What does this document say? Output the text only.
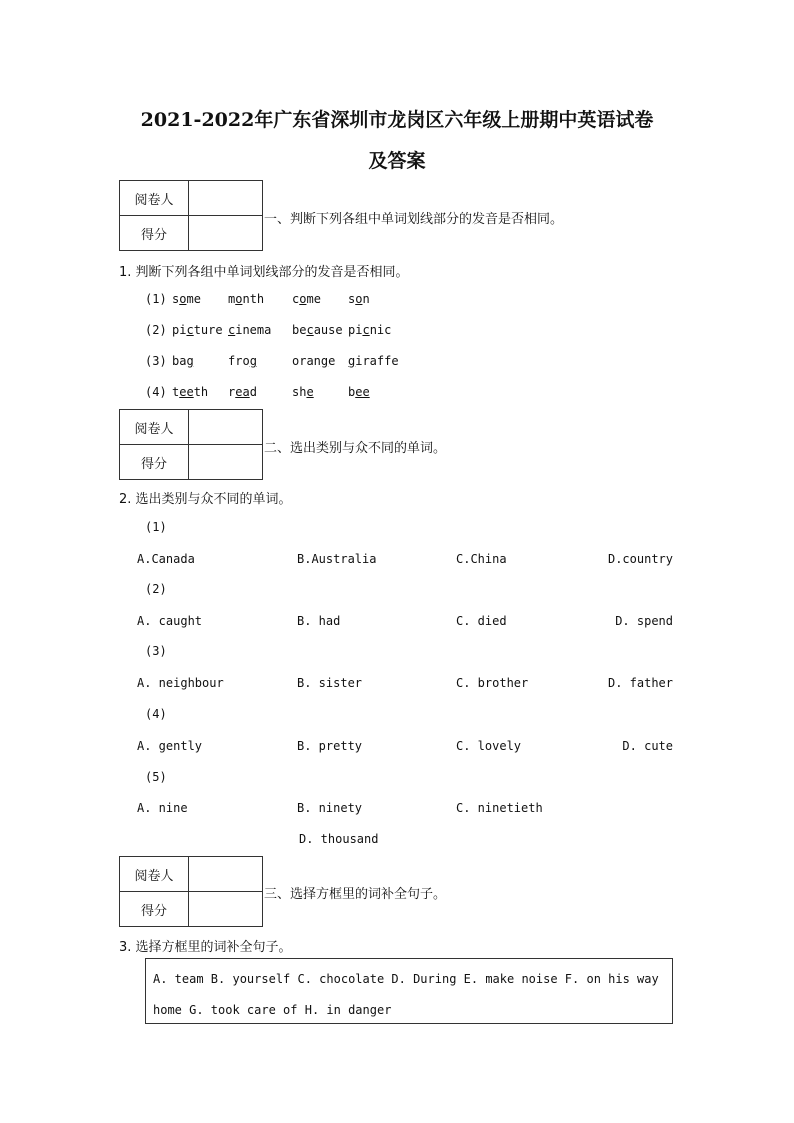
2021-2022年广东省深圳市龙岗区六年级上册期中英语试卷
及答案
阅卷人	
得分	
一、判断下列各组中单词划线部分的发音是否相同。
1. 判断下列各组中单词划线部分的发音是否相同。
(1) some month come son
(2) picture cinema because picnic
(3) bag	frog	orange giraffe
(4) teeth read	she	bee
阅卷人	
得分	
二、选出类别与众不同的单词。
2. 选出类别与众不同的单词。
(1)
A.Canada	B.Australia	C.China	D.country
(2)
A. caught	B. had	C. died	D. spend
(3)
A. neighbour	B. sister	C. brother	D. father
(4)
A. gently	B. pretty	C. lovely	D. cute
(5)
A. nine	B. ninety	C. ninetieth
D. thousand
阅卷人	
得分	
三、选择方框里的词补全句子。
3. 选择方框里的词补全句子。
A. team B. yourself C. chocolate D. During E. make noise F. on his way
home G. took care of H. in danger
